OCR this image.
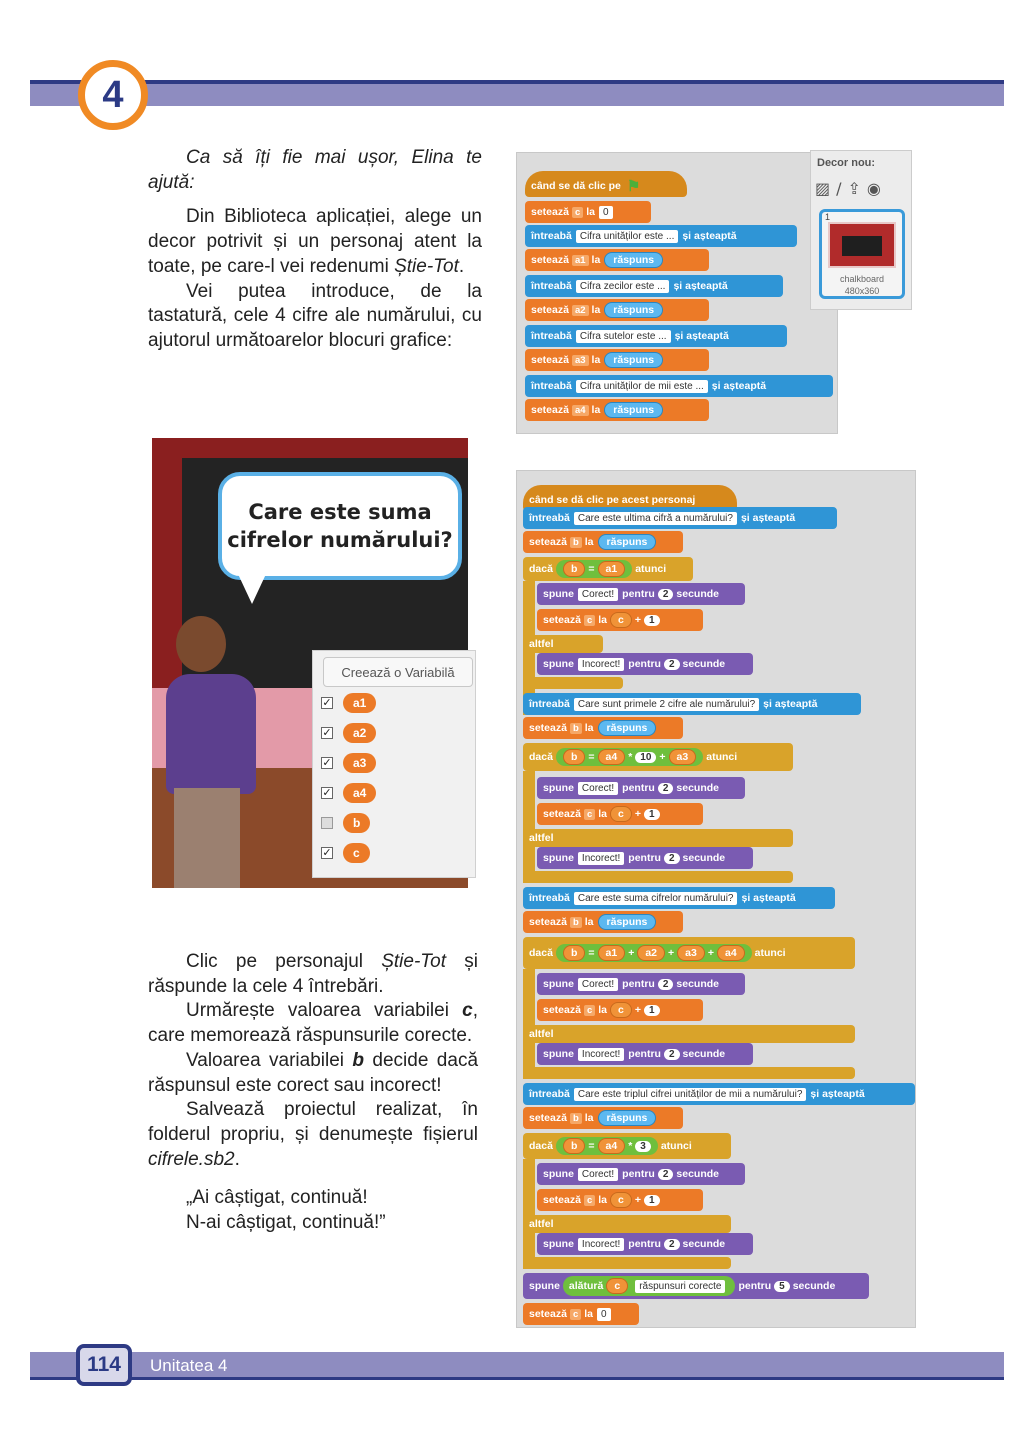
4

Ca să îți fie mai ușor, Elina te ajută:

Din Biblioteca aplicației, alege un decor potrivit și un personaj atent la toate, pe care-l vei redenumi Știe-Tot.

Vei putea introduce, de la tastatură, cele 4 cifre ale numărului, cu ajutorul următoarelor blocuri grafice:

când se dă clic pe ⚑
setează c la 0
întreabă Cifra unităților este ... și așteaptă
setează a1 la	răspuns
întreabă Cifra zecilor este ... și așteaptă
setează a2 la	răspuns
întreabă Cifra sutelor este ... și așteaptă
setează a3 la	răspuns
întreabă Cifra unităților de mii este ... și așteaptă
setează a4 la	răspuns
Decor nou:
▨/⇪◉
1
chalkboard
480x360
Care este suma cifrelor numărului?
Creează o Variabilă
✓	a1
✓	a2
✓	a3
✓	a4
b
✓	c

Clic pe personajul Știe-Tot și răspunde la cele 4 întrebări.

Urmărește valoarea variabilei c, care memorează răspunsurile corecte.

Valoarea variabilei b decide dacă răspunsul este corect sau incorect!

Salvează proiectul realizat, în folderul propriu, și denumește fișierul cifrele.sb2.

„Ai câștigat, continuă!

N-ai câștigat, continuă!”

când se dă clic pe acest personaj
întreabă Care este ultima cifră a numărului? și așteaptă
setează b la	răspuns
dacă	b	=	a1	atunci
spune Corect! pentru 2 secunde
setează c la	c	+ 1
altfel
spune Incorect! pentru 2 secunde
întreabă Care sunt primele 2 cifre ale numărului? și așteaptă
setează b la	răspuns
dacă	b	=	a4	* 10 +	a3	atunci
spune Corect! pentru 2 secunde
setează c la	c	+ 1
altfel
spune Incorect! pentru 2 secunde
întreabă Care este suma cifrelor numărului? și așteaptă
setează b la	răspuns
dacă	b	=	a1	+	a2	+	a3	+	a4	atunci
spune Corect! pentru 2 secunde
setează c la	c	+ 1
altfel
spune Incorect! pentru 2 secunde
întreabă Care este triplul cifrei unităților de mii a numărului? și așteaptă
setează b la	răspuns
dacă	b	=	a4	* 3	atunci
spune Corect! pentru 2 secunde
setează c la	c	+ 1
altfel
spune Incorect! pentru 2 secunde
spune alătură	c	răspunsuri corecte	pentru 5 secunde
setează c la 0
114 Unitatea 4
